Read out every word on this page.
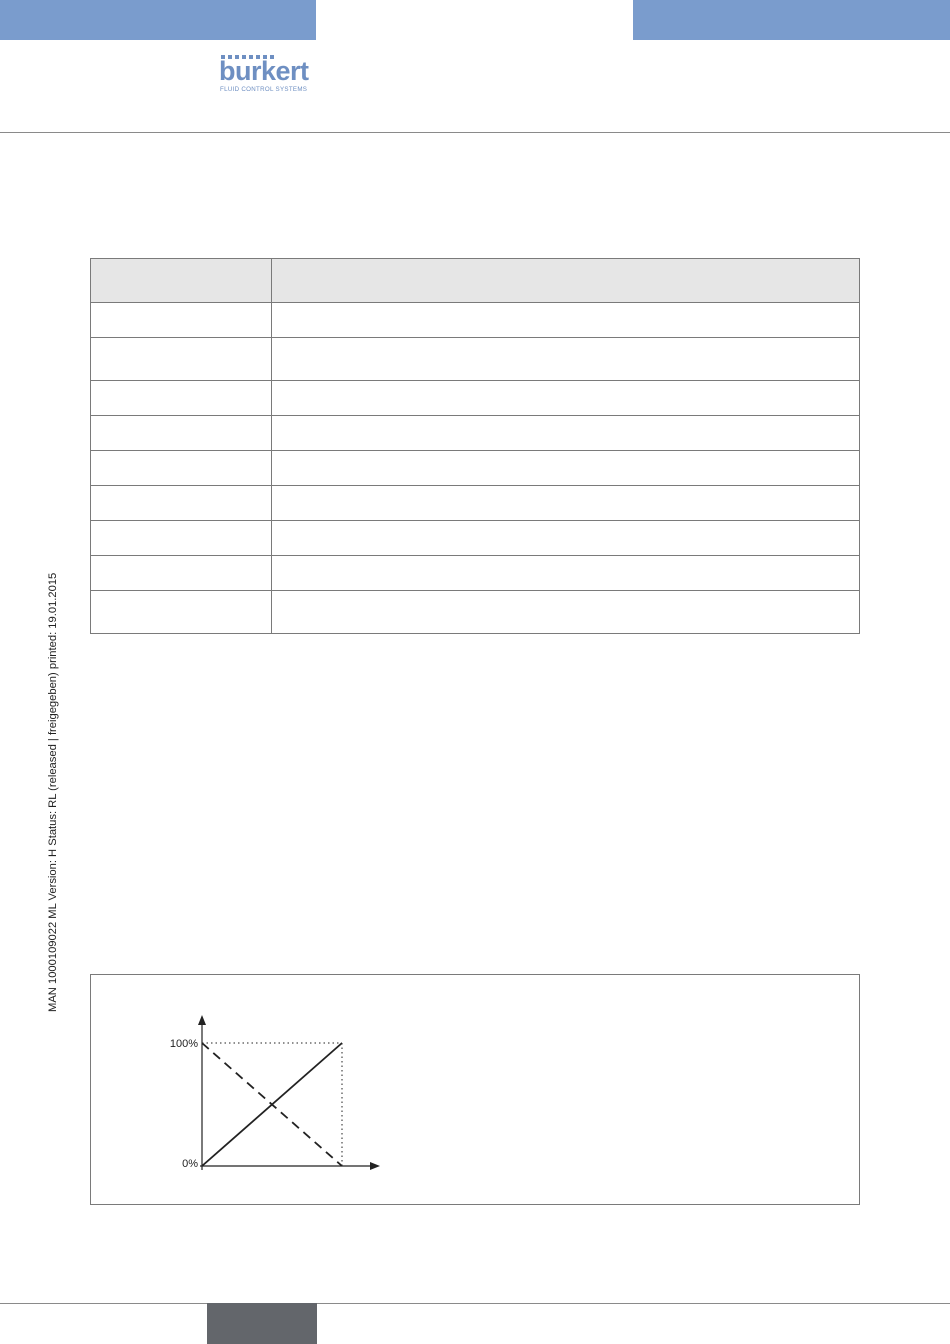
burkert
FLUID CONTROL SYSTEMS

MAN 1000109022 ML Version: H Status: RL (released | freigegeben) printed: 19.01.2015
100%
0%
